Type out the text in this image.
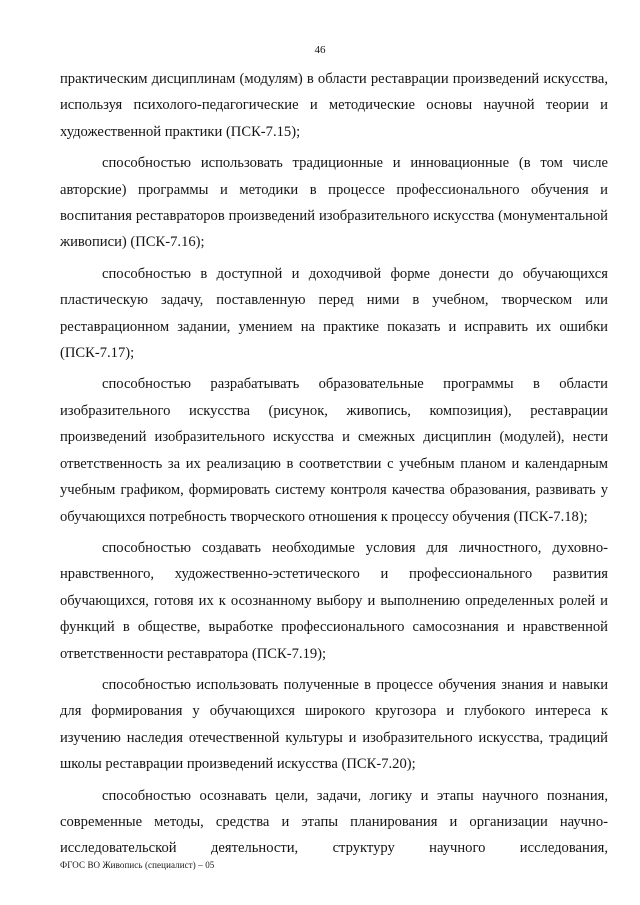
46

практическим дисциплинам (модулям) в области реставрации произведений искусства, используя психолого-педагогические и методические основы научной теории и художественной практики (ПСК-7.15);

способностью использовать традиционные и инновационные (в том числе авторские) программы и методики в процессе профессионального обучения и воспитания реставраторов произведений изобразительного искусства (монументальной живописи) (ПСК-7.16);

способностью в доступной и доходчивой форме донести до обучающихся пластическую задачу, поставленную перед ними в учебном, творческом или реставрационном задании, умением на практике показать и исправить их ошибки (ПСК-7.17);

способностью разрабатывать образовательные программы в области изобразительного искусства (рисунок, живопись, композиция), реставрации произведений изобразительного искусства и смежных дисциплин (модулей), нести ответственность за их реализацию в соответствии с учебным планом и календарным учебным графиком, формировать систему контроля качества образования, развивать у обучающихся потребность творческого отношения к процессу обучения (ПСК-7.18);

способностью создавать необходимые условия для личностного, духовно-нравственного, художественно-эстетического и профессионального развития обучающихся, готовя их к осознанному выбору и выполнению определенных ролей и функций в обществе, выработке профессионального самосознания и нравственной ответственности реставратора (ПСК-7.19);

способностью использовать полученные в процессе обучения знания и навыки для формирования у обучающихся широкого кругозора и глубокого интереса к изучению наследия отечественной культуры и изобразительного искусства, традиций школы реставрации произведений искусства (ПСК-7.20);

способностью осознавать цели, задачи, логику и этапы научного познания, современные методы, средства и этапы планирования и организации научно-исследовательской деятельности, структуру научного исследования,

ФГОС ВО Живопись (специалист) – 05
